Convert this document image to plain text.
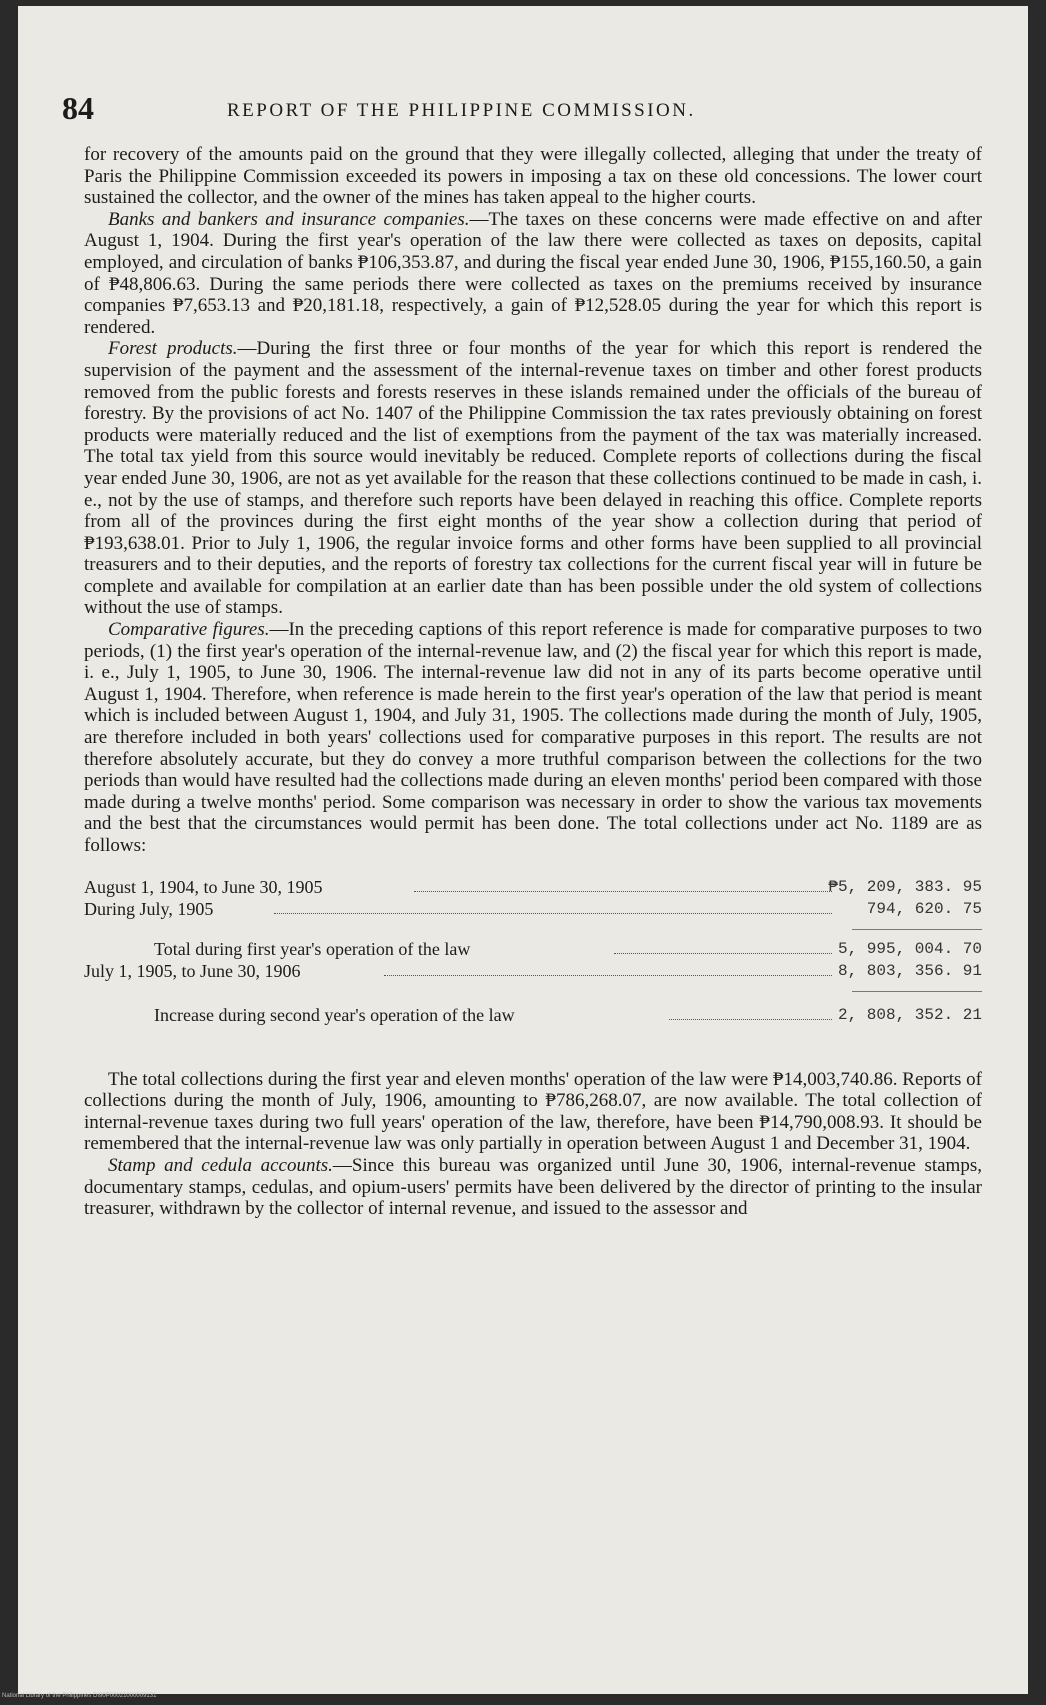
84	REPORT OF THE PHILIPPINE COMMISSION.

for recovery of the amounts paid on the ground that they were illegally collected, alleging that under the treaty of Paris the Philippine Commission exceeded its powers in imposing a tax on these old concessions. The lower court sustained the collector, and the owner of the mines has taken appeal to the higher courts.

Banks and bankers and insurance companies.—The taxes on these concerns were made effective on and after August 1, 1904. During the first year's operation of the law there were collected as taxes on deposits, capital employed, and circulation of banks ₱106,353.87, and during the fiscal year ended June 30, 1906, ₱155,160.50, a gain of ₱48,806.63. During the same periods there were collected as taxes on the premiums received by insurance companies ₱7,653.13 and ₱20,181.18, respectively, a gain of ₱12,528.05 during the year for which this report is rendered.

Forest products.—During the first three or four months of the year for which this report is rendered the supervision of the payment and the assessment of the internal-revenue taxes on timber and other forest products removed from the public forests and forests reserves in these islands remained under the officials of the bureau of forestry. By the provisions of act No. 1407 of the Philippine Commission the tax rates previously obtaining on forest products were materially reduced and the list of exemptions from the payment of the tax was materially increased. The total tax yield from this source would inevitably be reduced. Complete reports of collections during the fiscal year ended June 30, 1906, are not as yet available for the reason that these collections continued to be made in cash, i. e., not by the use of stamps, and therefore such reports have been delayed in reaching this office. Complete reports from all of the provinces during the first eight months of the year show a collection during that period of ₱193,638.01. Prior to July 1, 1906, the regular invoice forms and other forms have been supplied to all provincial treasurers and to their deputies, and the reports of forestry tax collections for the current fiscal year will in future be complete and available for compilation at an earlier date than has been possible under the old system of collections without the use of stamps.

Comparative figures.—In the preceding captions of this report reference is made for comparative purposes to two periods, (1) the first year's operation of the internal-revenue law, and (2) the fiscal year for which this report is made, i. e., July 1, 1905, to June 30, 1906. The internal-revenue law did not in any of its parts become operative until August 1, 1904. Therefore, when reference is made herein to the first year's operation of the law that period is meant which is included between August 1, 1904, and July 31, 1905. The collections made during the month of July, 1905, are therefore included in both years' collections used for comparative purposes in this report. The results are not therefore absolutely accurate, but they do convey a more truthful comparison between the collections for the two periods than would have resulted had the collections made during an eleven months' period been compared with those made during a twelve months' period. Some comparison was necessary in order to show the various tax movements and the best that the circumstances would permit has been done. The total collections under act No. 1189 are as follows:

August 1, 1904, to June 30, 1905	₱5, 209, 383. 95
During July, 1905	794, 620. 75
Total during first year's operation of the law	5, 995, 004. 70
July 1, 1905, to June 30, 1906	8, 803, 356. 91
Increase during second year's operation of the law	2, 808, 352. 21

The total collections during the first year and eleven months' operation of the law were ₱14,003,740.86. Reports of collections during the month of July, 1906, amounting to ₱786,268.07, are now available. The total collection of internal-revenue taxes during two full years' operation of the law, therefore, have been ₱14,790,008.93. It should be remembered that the internal-revenue law was only partially in operation between August 1 and December 31, 1904.

Stamp and cedula accounts.—Since this bureau was organized until June 30, 1906, internal-revenue stamps, documentary stamps, cedulas, and opium-users' permits have been delivered by the director of printing to the insular treasurer, withdrawn by the collector of internal revenue, and issued to the assessor and

National Library of the Philippines DI90P00021000009131
